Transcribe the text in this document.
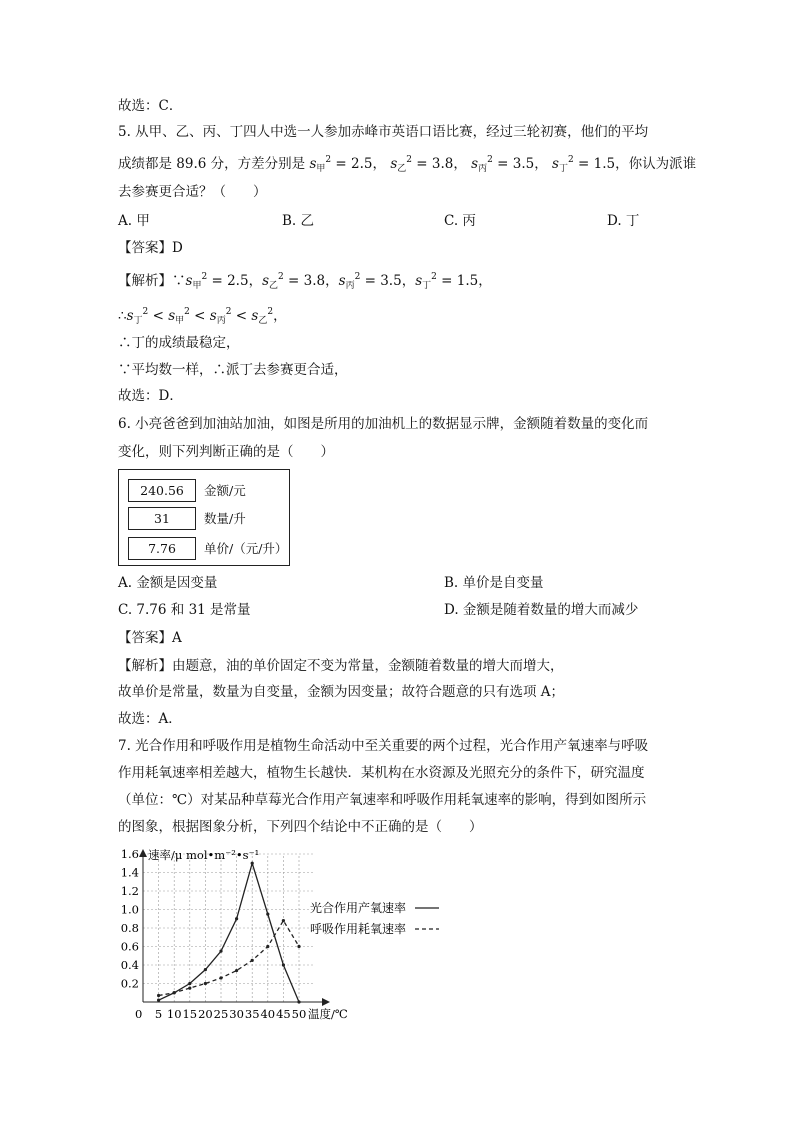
故选：C．
5. 从甲、乙、丙、丁四人中选一人参加赤峰市英语口语比赛，经过三轮初赛，他们的平均
成绩都是 89.6 分，方差分别是 $s_甲^2 = 2.5$， $s_乙^2 = 3.8$， $s_丙^2 = 3.5$， $s_丁^2 = 1.5$，你认为派谁
去参赛更合适？（　　）
A. 甲	B. 乙	C. 丙	D. 丁
【答案】D
【解析】$\because s_甲^2 = 2.5$，$s_乙^2 = 3.8$，$s_丙^2 = 3.5$，$s_丁^2 = 1.5$，
$\therefore s_丁^2 < s_甲^2 < s_丙^2 < s_乙^2$，
∴丁的成绩最稳定，
∵平均数一样，∴派丁去参赛更合适，
故选：D．
6. 小亮爸爸到加油站加油，如图是所用的加油机上的数据显示牌，金额随着数量的变化而
变化，则下列判断正确的是（　　）
240.56	金额/元
31	数量/升
7.76	单价/（元/升）
A. 金额是因变量	B. 单价是自变量
C. 7.76 和 31 是常量	D. 金额是随着数量的增大而减少
【答案】A
【解析】由题意，油的单价固定不变为常量，金额随着数量的增大而增大，
故单价是常量，数量为自变量，金额为因变量；故符合题意的只有选项 A；
故选：A．
7. 光合作用和呼吸作用是植物生命活动中至关重要的两个过程，光合作用产氧速率与呼吸
作用耗氧速率相差越大，植物生长越快．某机构在水资源及光照充分的条件下，研究温度
（单位：℃）对某品种草莓光合作用产氧速率和呼吸作用耗氧速率的影响，得到如图所示
的图象，根据图象分析，下列四个结论中不正确的是（　　）
速率/μ mol•m⁻²•s⁻¹
温度/℃
0 5 10 15 20 25 30 35 40 45 50
0.2
0.4
0.6
0.8
1.0
1.2
1.4
1.6
光合作用产氧速率
呼吸作用耗氧速率
